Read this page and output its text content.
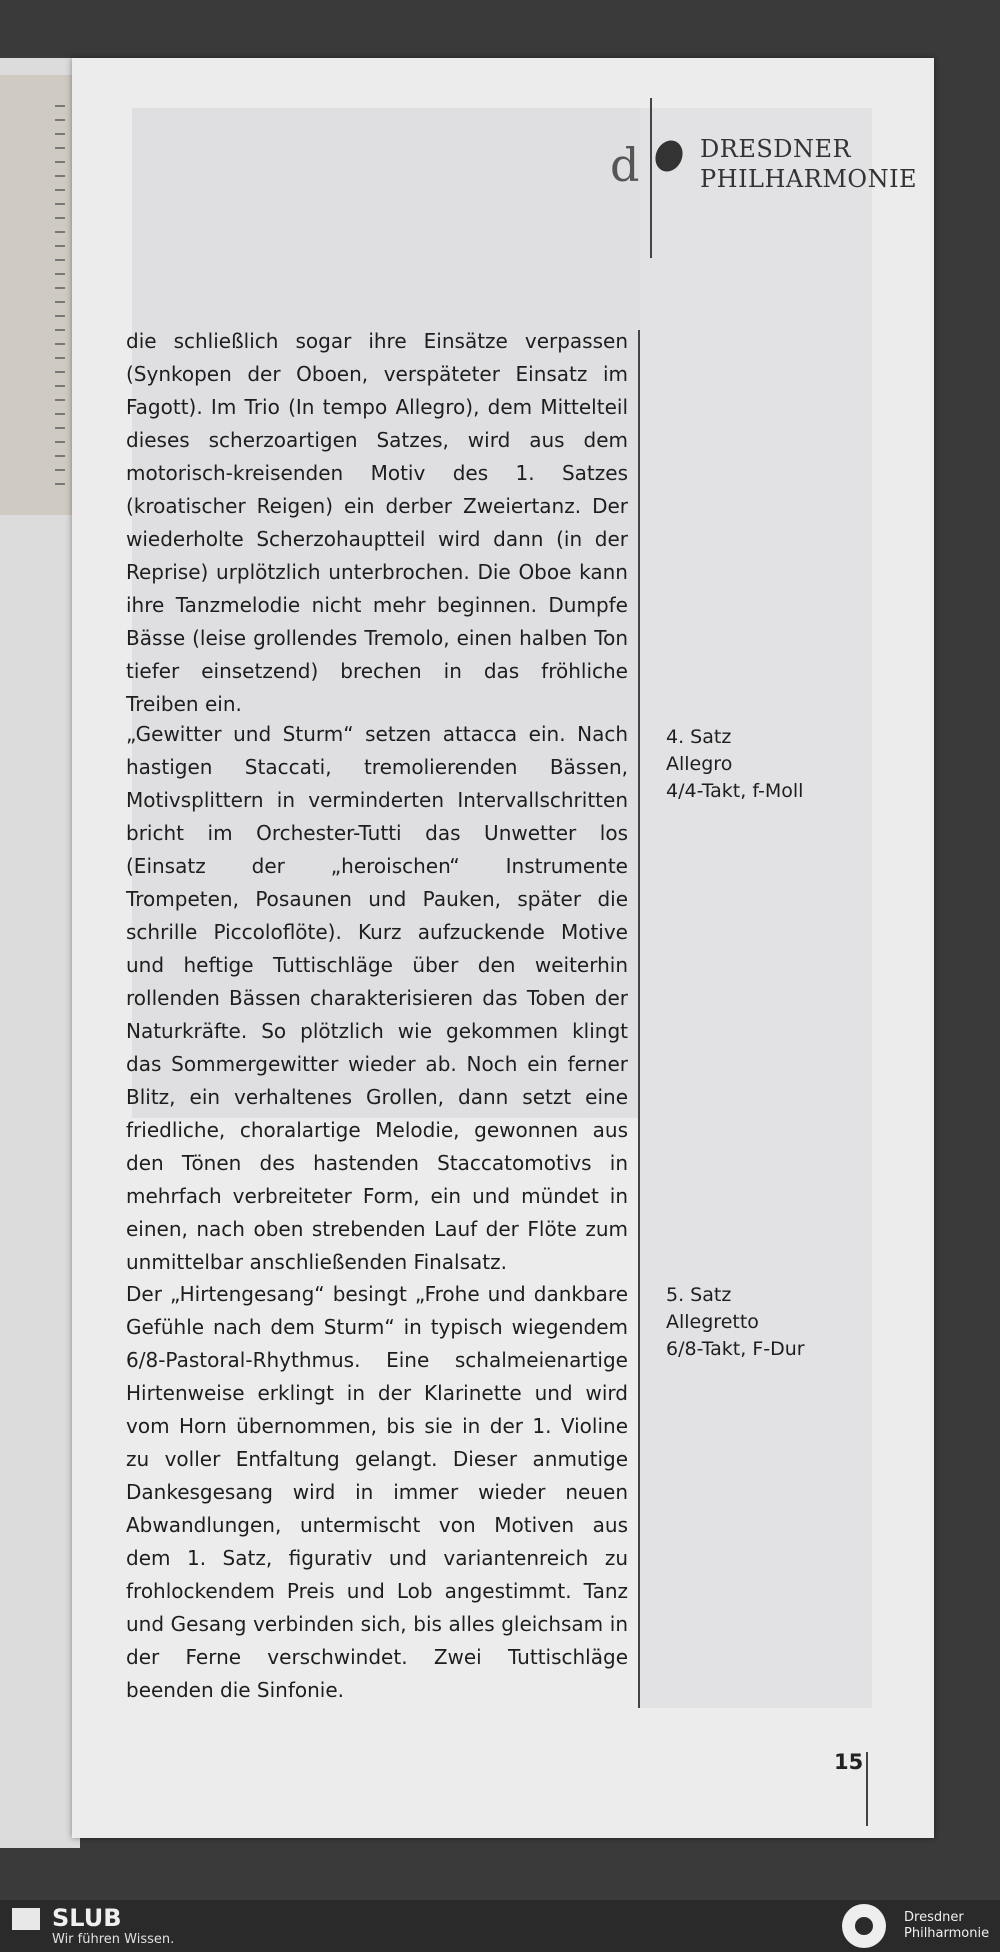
d	DRESDNER
PHILHARMONIE

die schließlich sogar ihre Einsätze verpassen (Synkopen der Oboen, verspäteter Einsatz im Fagott). Im Trio (In tempo Allegro), dem Mittelteil dieses scherzoartigen Satzes, wird aus dem motorisch-kreisenden Motiv des 1. Satzes (kroatischer Reigen) ein derber Zweiertanz. Der wiederholte Scherzohauptteil wird dann (in der Reprise) urplötzlich unterbrochen. Die Oboe kann ihre Tanzmelodie nicht mehr beginnen. Dumpfe Bässe (leise grollendes Tremolo, einen halben Ton tiefer einsetzend) brechen in das fröhliche Treiben ein.

„Gewitter und Sturm“ setzen attacca ein. Nach hastigen Staccati, tremolierenden Bässen, Motivsplittern in verminderten Intervallschritten bricht im Orchester-Tutti das Unwetter los (Einsatz der „heroischen“ Instrumente Trompeten, Posaunen und Pauken, später die schrille Piccoloflöte). Kurz aufzuckende Motive und heftige Tuttischläge über den weiterhin rollenden Bässen charakterisieren das Toben der Naturkräfte. So plötzlich wie gekommen klingt das Sommergewitter wieder ab. Noch ein ferner Blitz, ein verhaltenes Grollen, dann setzt eine friedliche, choralartige Melodie, gewonnen aus den Tönen des hastenden Staccatomotivs in mehrfach verbreiteter Form, ein und mündet in einen, nach oben strebenden Lauf der Flöte zum unmittelbar anschließenden Finalsatz.

Der „Hirtengesang“ besingt „Frohe und dankbare Gefühle nach dem Sturm“ in typisch wiegendem 6/8-Pastoral-Rhythmus. Eine schalmeienartige Hirtenweise erklingt in der Klarinette und wird vom Horn übernommen, bis sie in der 1. Violine zu voller Entfaltung gelangt. Dieser anmutige Dankesgesang wird in immer wieder neuen Abwandlungen, untermischt von Motiven aus dem 1. Satz, figurativ und variantenreich zu frohlockendem Preis und Lob angestimmt. Tanz und Gesang verbinden sich, bis alles gleichsam in der Ferne verschwindet. Zwei Tuttischläge beenden die Sinfonie.

4. Satz
Allegro
4/4-Takt, f-Moll
5. Satz
Allegretto
6/8-Takt, F-Dur
15
SLUB
Wir führen Wissen.
Dresdner
Philharmonie
